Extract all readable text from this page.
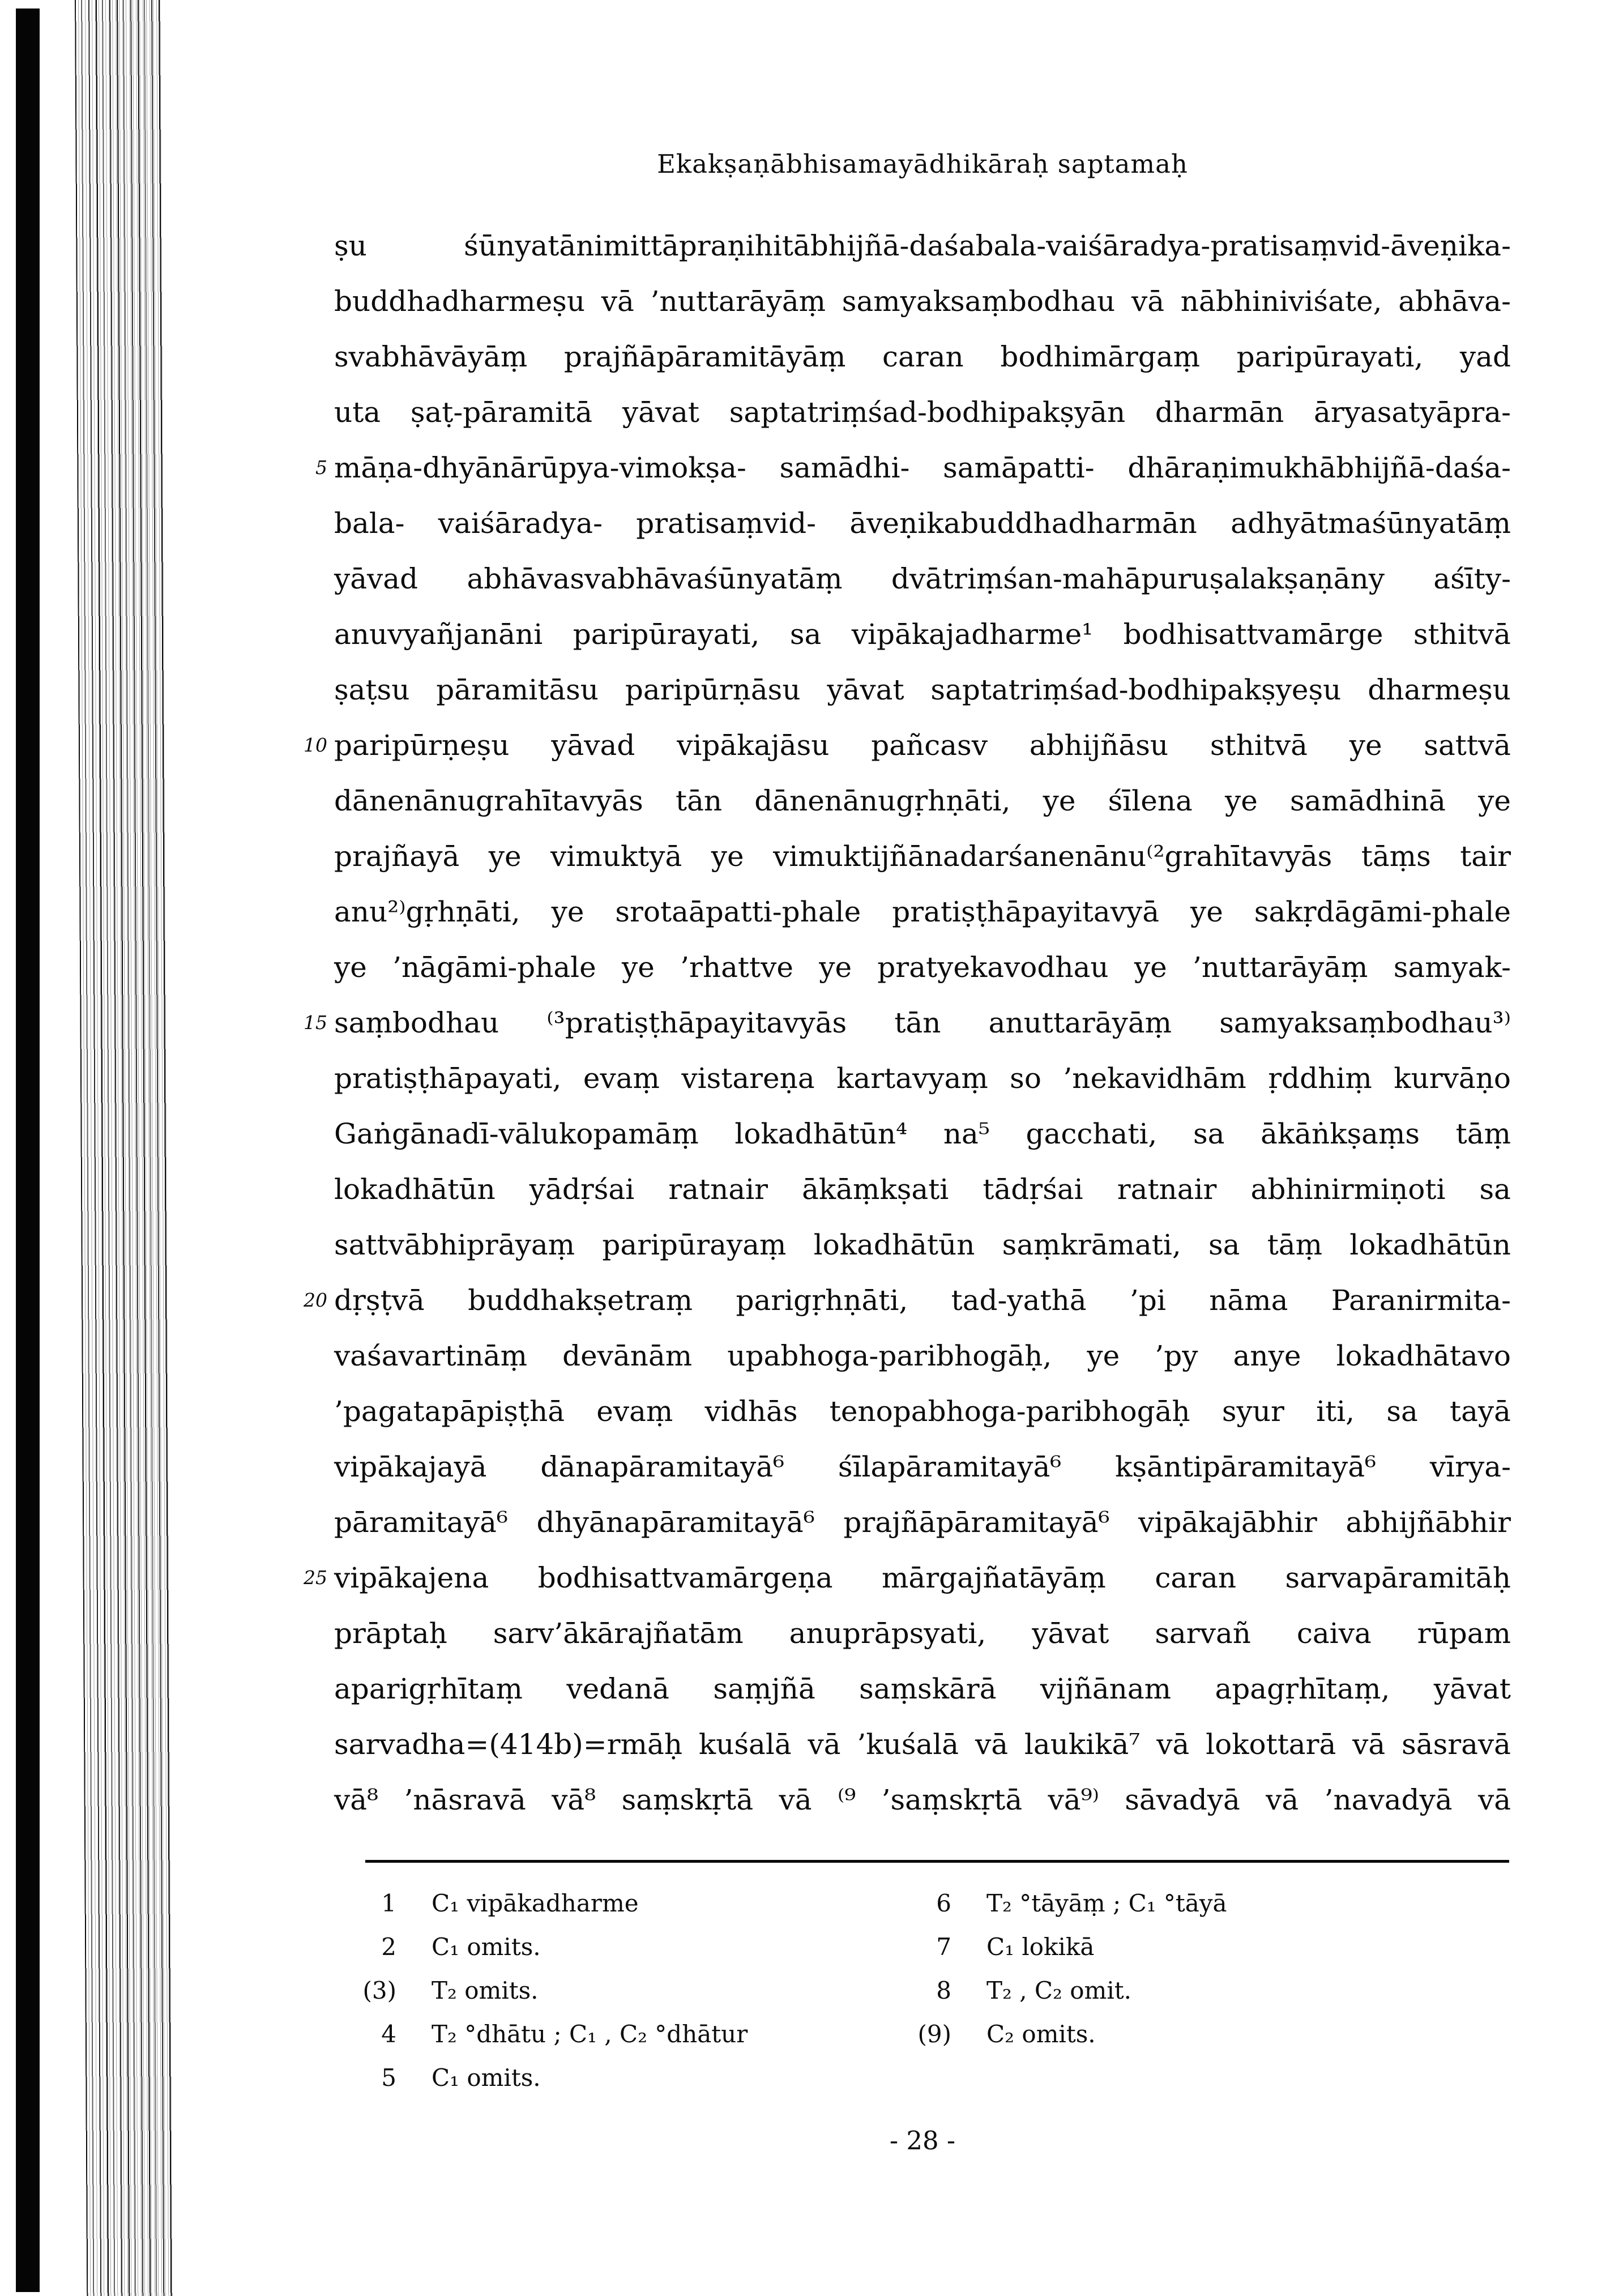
Ekakṣaṇābhisamayādhikāraḥ saptamaḥ
ṣu śūnyatānimittāpraṇihitābhijñā-daśabala-vaiśāradya-pratisaṃvid-āveṇika-
buddhadharmeṣu vā ’nuttarāyāṃ samyaksaṃbodhau vā nābhiniviśate, abhāva-
svabhāvāyāṃ prajñāpāramitāyāṃ caran bodhimārgaṃ paripūrayati, yad
uta ṣaṭ-pāramitā yāvat saptatriṃśad-bodhipakṣyān dharmān āryasatyāpra-
māṇa-dhyānārūpya-vimokṣa- samādhi- samāpatti- dhāraṇimukhābhijñā-daśa-
bala- vaiśāradya- pratisaṃvid- āveṇikabuddhadharmān adhyātmaśūnyatāṃ
yāvad abhāvasvabhāvaśūnyatāṃ dvātriṃśan-mahāpuruṣalakṣaṇāny aśīty-
anuvyañjanāni paripūrayati, sa vipākajadharme¹ bodhisattvamārge sthitvā
ṣaṭsu pāramitāsu paripūrṇāsu yāvat saptatriṃśad-bodhipakṣyeṣu dharmeṣu
paripūrṇeṣu yāvad vipākajāsu pañcasv abhijñāsu sthitvā ye sattvā
dānenānugrahītavyās tān dānenānugṛhṇāti, ye śīlena ye samādhinā ye
prajñayā ye vimuktyā ye vimuktijñānadarśanenānu⁽²grahītavyās tāṃs tair
anu²⁾gṛhṇāti, ye srotaāpatti-phale pratiṣṭhāpayitavyā ye sakṛdāgāmi-phale
ye ’nāgāmi-phale ye ’rhattve ye pratyekavodhau ye ’nuttarāyāṃ samyak-
saṃbodhau ⁽³pratiṣṭhāpayitavyās tān anuttarāyāṃ samyaksaṃbodhau³⁾
pratiṣṭhāpayati, evaṃ vistareṇa kartavyaṃ so ’nekavidhām ṛddhiṃ kurvāṇo
Gaṅgānadī-vālukopamāṃ lokadhātūn⁴ na⁵ gacchati, sa ākāṅkṣaṃs tāṃ
lokadhātūn yādṛśai ratnair ākāṃkṣati tādṛśai ratnair abhinirmiṇoti sa
sattvābhiprāyaṃ paripūrayaṃ lokadhātūn saṃkrāmati, sa tāṃ lokadhātūn
dṛṣṭvā buddhakṣetraṃ parigṛhṇāti, tad-yathā ’pi nāma Paranirmita-
vaśavartināṃ devānām upabhoga-paribhogāḥ, ye ’py anye lokadhātavo
’pagatapāpiṣṭhā evaṃ vidhās tenopabhoga-paribhogāḥ syur iti, sa tayā
vipākajayā dānapāramitayā⁶ śīlapāramitayā⁶ kṣāntipāramitayā⁶ vīrya-
pāramitayā⁶ dhyānapāramitayā⁶ prajñāpāramitayā⁶ vipākajābhir abhijñābhir
vipākajena bodhisattvamārgeṇa mārgajñatāyāṃ caran sarvapāramitāḥ
prāptaḥ sarv’ākārajñatām anuprāpsyati, yāvat sarvañ caiva rūpam
aparigṛhītaṃ vedanā saṃjñā saṃskārā vijñānam apagṛhītaṃ, yāvat
sarvadha=(414b)=rmāḥ kuśalā vā ’kuśalā vā laukikā⁷ vā lokottarā vā sāsravā
vā⁸ ’nāsravā vā⁸ saṃskṛtā vā ⁽⁹ ’saṃskṛtā vā⁹⁾ sāvadyā vā ’navadyā vā
5
10
15
20
25
1 C₁ vipākadharme
2 C₁ omits.
(3) T₂ omits.
4 T₂ °dhātu ; C₁ , C₂ °dhātur
5 C₁ omits.
6 T₂ °tāyāṃ ; C₁ °tāyā
7 C₁ lokikā
8 T₂ , C₂ omit.
(9) C₂ omits.
- 28 -
